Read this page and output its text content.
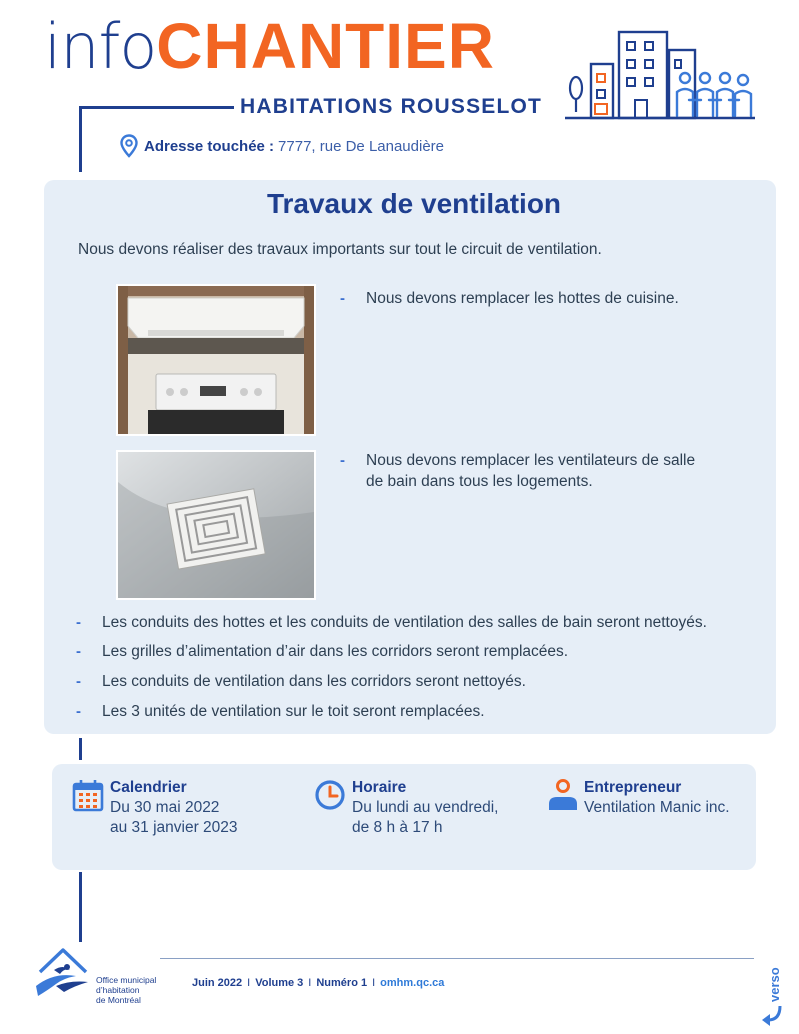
info CHANTIER
HABITATIONS ROUSSELOT
Adresse touchée : 7777, rue De Lanaudière
Travaux de ventilation
Nous devons réaliser des travaux importants sur tout le circuit de ventilation.
-	Nous devons remplacer les hottes de cuisine.
-	Nous devons remplacer les ventilateurs de salle de bain dans tous les logements.
-	Les conduits des hottes et les conduits de ventilation des salles de bain seront nettoyés.
-	Les grilles d’alimentation d’air dans les corridors seront remplacées.
-	Les conduits de ventilation dans les corridors seront nettoyés.
-	Les 3 unités de ventilation sur le toit seront remplacées.
Calendrier
Du 30 mai 2022
au 31 janvier 2023
Horaire
Du lundi au vendredi,
de 8 h à 17 h
Entrepreneur
Ventilation Manic inc.
Office municipal
d’habitation
de Montréal
Juin 2022 I Volume 3 I Numéro 1 I omhm.qc.ca	verso
